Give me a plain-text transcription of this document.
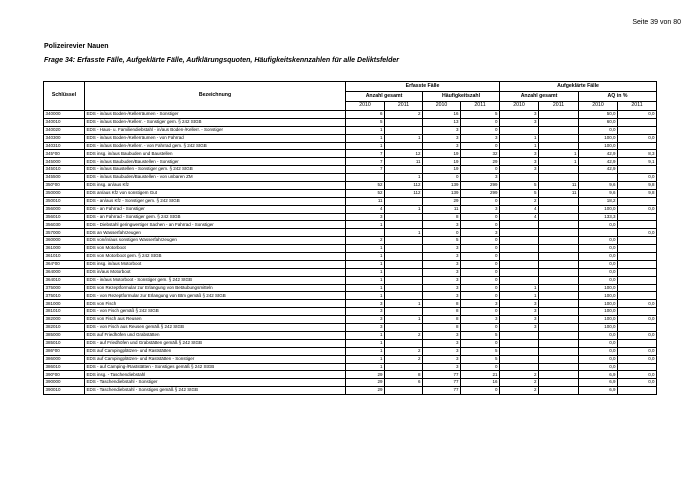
Seite 39 von 80
Polizeirevier Nauen
Frage 34: Erfasste Fälle, Aufgeklärte Fälle, Aufklärungsquoten, Häufigkeitskennzahlen für alle Deliktsfelder
Schlüssel	Bezeichnung	Erfasste Fälle				Aufgeklärte Fälle			
		Anzahl gesamt		Häufigkeitszahl		Anzahl gesamt		AQ in %	
		2010	2011	2010	2011	2010	2011	2010	2011
340000	EDS - in/aus Boden-/Kellerräumen - Sonstiger	6	2	16	5	3		50,0	0,0
340010	EDS - in/aus Boden-/Kellerr. - Sonstiger gem. § 242 StGB	5		13	0	3		60,0	
340020	EDS - Haus- u. Familiendiebstahl - in/aus Boden-/Kellerr. - Sonstiger	1		3	0			0,0	
340300	EDS - in/aus Boden-/Kellerräumen - von Fahrrad	1	1	3	3	1		100,0	0,0
340310	EDS - in/aus Boden-/Kellerr. - von Fahrrad gem. § 242 StGB	1		3	0	1		100,0	
345*00	EDS insg. in/aus Baubuden und Baustellen	7	12	19	32	3	1	42,9	8,3
345000	EDS - in/aus Baubuden/Baustellen - Sonstiger	7	11	19	29	3	1	42,9	9,1
345010	EDS - in/aus Baustellen - Sonstiger gem. § 242 StGB	7		19	0	3		42,9	
345500	EDS - in/aus Baubuden/Baustellen - von unbaren ZM		1	0	3				0,0
350*00	EDS insg. an/aus Kfz	52	112	139	299	5	11	9,6	9,8
350000	EDS an/aus Kfz von sonstigem Gut	52	112	139	299	5	11	9,6	9,8
350010	EDS - an/aus Kfz - Sonstiger gem. § 242 StGB	11		29	0	2		18,2	
356000	EDS - an Fahrrad - Sonstiger	4	1	11	3	4		100,0	0,0
356010	EDS - an Fahrrad - Sonstiger gem. § 242 StGB	3		8	0	4		133,3	
356030	EDS - Diebstahl geringwertiger Sachen - an Fahrrad - Sonstiger	1		3	0			0,0	
357000	EDS an Wasserfahrzeugen		1	0	3				0,0
360000	EDS von/in/aus sonstigen Wasserfahrzeugen	2		5	0			0,0	
361000	EDS von Motorboot	1		3	0			0,0	
361010	EDS von Motorboot gem. § 242 StGB	1		3	0			0,0	
364*00	EDS insg. in/aus Motorboot	1		3	0			0,0	
364000	EDS in/aus Motorboot	1		3	0			0,0	
364010	EDS - in/aus Motorboot - Sonstiger gem. § 242 StGB	1		3	0			0,0	
375000	EDS von Rezeptformular zur Erlangung von Betäubungsmitteln	1		3	0	1		100,0	
375010	EDS - von Rezeptformular zur Erlangung von Btm gemäß § 242 StGB	1		3	0	1		100,0	
381000	EDS von Fisch	3	1	8	3	3		100,0	0,0
381010	EDS - von Fisch gemäß § 242 StGB	3		8	0	3		100,0	
382000	EDS von Fisch aus Reusen	3	1	8	3	3		100,0	0,0
382010	EDS - von Fisch aus Reusen gemäß § 242 StGB	3		8	0	3		100,0	
385000	EDS auf Friedhöfen und Grabstätten	1	2	3	5			0,0	0,0
385010	EDS - auf Friedhöfen und Grabstätten gemäß § 242 StGB	1		3	0			0,0	
386*00	EDS auf Campingplätzen- und Raststätten	1	2	3	5			0,0	0,0
386000	EDS auf Campingplätzen- und Raststätten - Sonstiger	1	2	3	5			0,0	0,0
386010	EDS - auf Camping-/Raststätten - Sonstiges gemäß § 242 StGB	1		3	0			0,0	
390*00	EDS insg. - Taschendiebstahl	29	8	77	21	2		6,9	0,0
390000	EDS - Taschendiebstahl - Sonstiger	29	6	77	16	2		6,9	0,0
390010	EDS - Taschendiebstahl - Sonstiges gemäß § 242 StGB	29		77	0	2		6,9	
